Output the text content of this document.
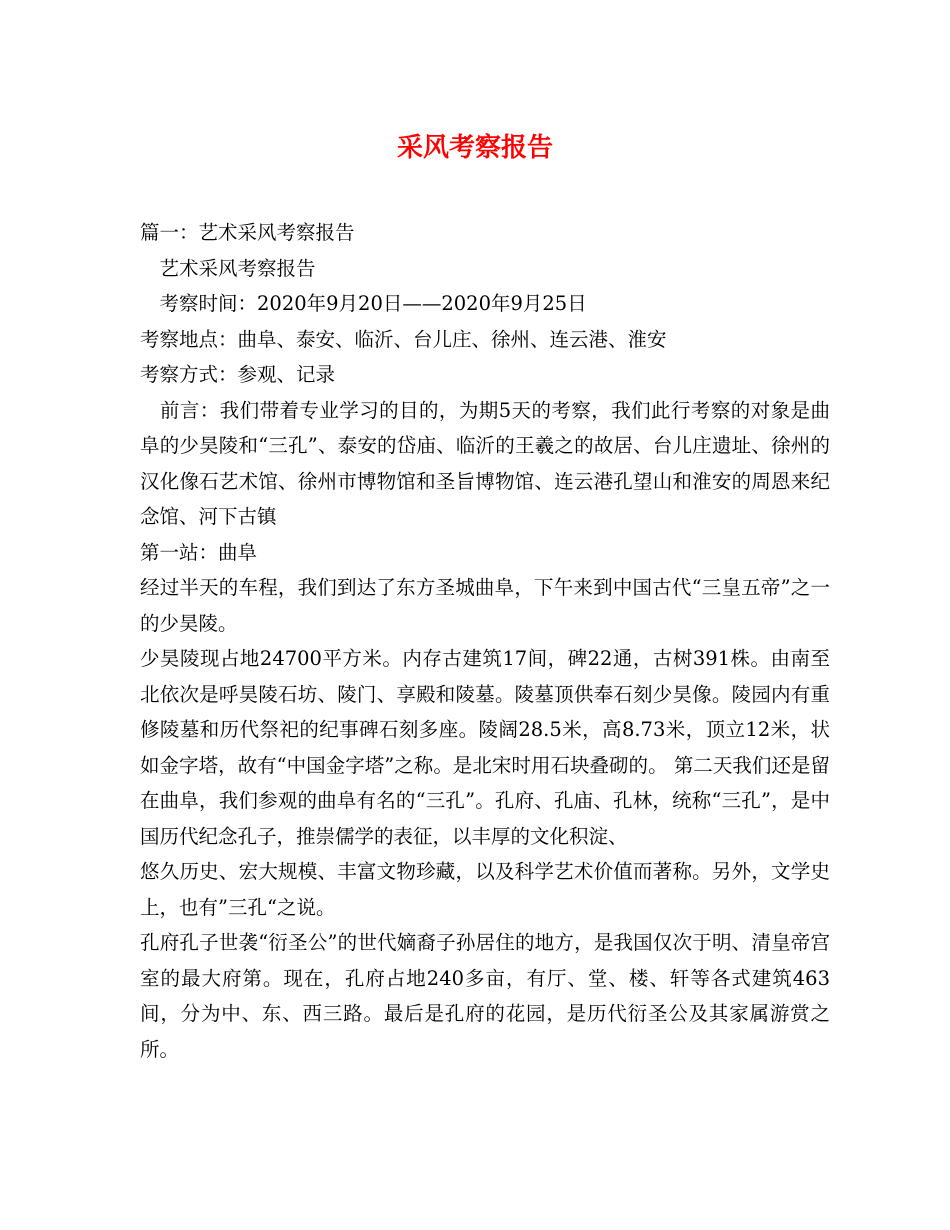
采风考察报告

篇一：艺术采风考察报告

　艺术采风考察报告

　考察时间：2020年9月20日——2020年9月25日

考察地点：曲阜、泰安、临沂、台儿庄、徐州、连云港、淮安

考察方式：参观、记录

　前言：我们带着专业学习的目的，为期5天的考察，我们此行考察的对象是曲阜的少昊陵和“三孔”、泰安的岱庙、临沂的王羲之的故居、台儿庄遗址、徐州的汉化像石艺术馆、徐州市博物馆和圣旨博物馆、连云港孔望山和淮安的周恩来纪念馆、河下古镇

第一站：曲阜

经过半天的车程，我们到达了东方圣城曲阜，下午来到中国古代“三皇五帝”之一的少昊陵。

少昊陵现占地24700平方米。内存古建筑17间，碑22通，古树391株。由南至北依次是呼昊陵石坊、陵门、享殿和陵墓。陵墓顶供奉石刻少昊像。陵园内有重修陵墓和历代祭祀的纪事碑石刻多座。陵阔28.5米，高8.73米，顶立12米，状如金字塔，故有“中国金字塔”之称。是北宋时用石块叠砌的。 第二天我们还是留在曲阜，我们参观的曲阜有名的“三孔”。孔府、孔庙、孔林，统称“三孔”，是中国历代纪念孔子，推崇儒学的表征，以丰厚的文化积淀、

悠久历史、宏大规模、丰富文物珍藏，以及科学艺术价值而著称。另外，文学史上，也有”三孔“之说。

孔府孔子世袭“衍圣公”的世代嫡裔子孙居住的地方，是我国仅次于明、清皇帝宫室的最大府第。现在，孔府占地240多亩，有厅、堂、楼、轩等各式建筑463间，分为中、东、西三路。最后是孔府的花园，是历代衍圣公及其家属游赏之所。
